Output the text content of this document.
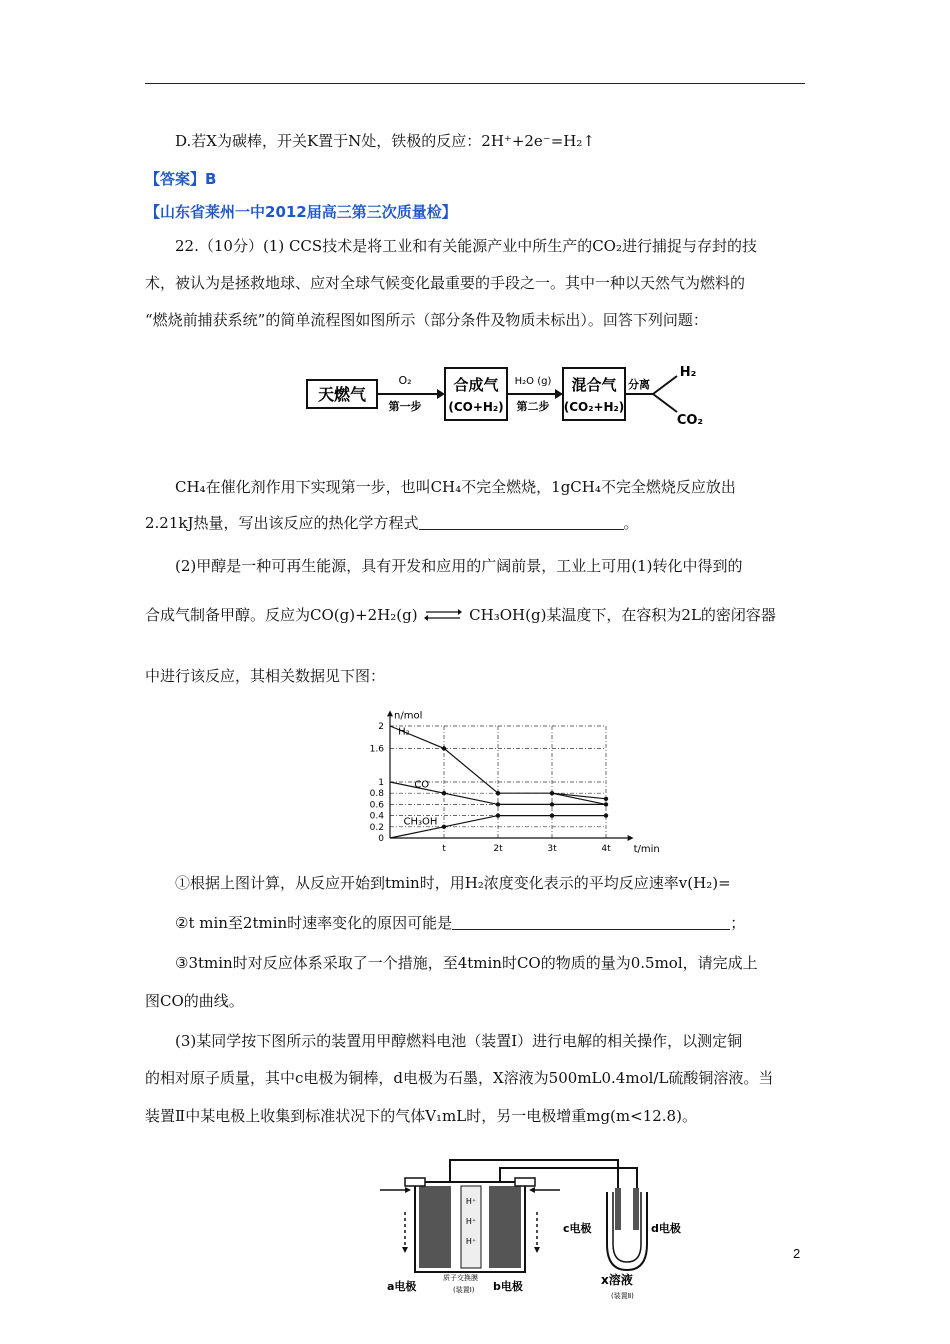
D.若X为碳棒，开关K置于N处，铁极的反应：2H⁺+2e⁻=H₂↑
【答案】B
【山东省莱州一中2012届高三第三次质量检】
22.（10分）(1) CCS技术是将工业和有关能源产业中所生产的CO₂进行捕捉与存封的技
术，被认为是拯救地球、应对全球气候变化最重要的手段之一。其中一种以天然气为燃料的
“燃烧前捕获系统”的简单流程图如图所示（部分条件及物质未标出）。回答下列问题：
天燃气
O₂
第一步
合成气
(CO+H₂)
H₂O (g)
第二步
混合气
(CO₂+H₂)
分离
H₂
CO₂
CH₄在催化剂作用下实现第一步，也叫CH₄不完全燃烧，1gCH₄不完全燃烧反应放出
2.21kJ热量，写出该反应的热化学方程式	。
(2)甲醇是一种可再生能源，具有开发和应用的广阔前景，工业上可用(1)转化中得到的
合成气制备甲醇。反应为CO(g)+2H₂(g) ⇌ CH₃OH(g)某温度下，在容积为2L的密闭容器
中进行该反应，其相关数据见下图：
0
0.2
0.4
0.6
0.8
1
1.6
2
t	2t	3t	4t
n/mol
t/min
H₂
CO
CH₃OH
①根据上图计算，从反应开始到tmin时，用H₂浓度变化表示的平均反应速率v(H₂)=
②t min至2tmin时速率变化的原因可能是	；
③3tmin时对反应体系采取了一个措施，至4tmin时CO的物质的量为0.5mol，请完成上
图CO的曲线。
(3)某同学按下图所示的装置用甲醇燃料电池（装置Ⅰ）进行电解的相关操作，以测定铜
的相对原子质量，其中c电极为铜棒，d电极为石墨，X溶液为500mL0.4mol/L硫酸铜溶液。当
装置Ⅱ中某电极上收集到标准状况下的气体V₁mL时，另一电极增重mg(m<12.8)。
H⁺
H⁺
H⁺
a电极
质子交换膜
(装置Ⅰ) b电极
c电极	d电极
x溶液
(装置Ⅱ)
2
